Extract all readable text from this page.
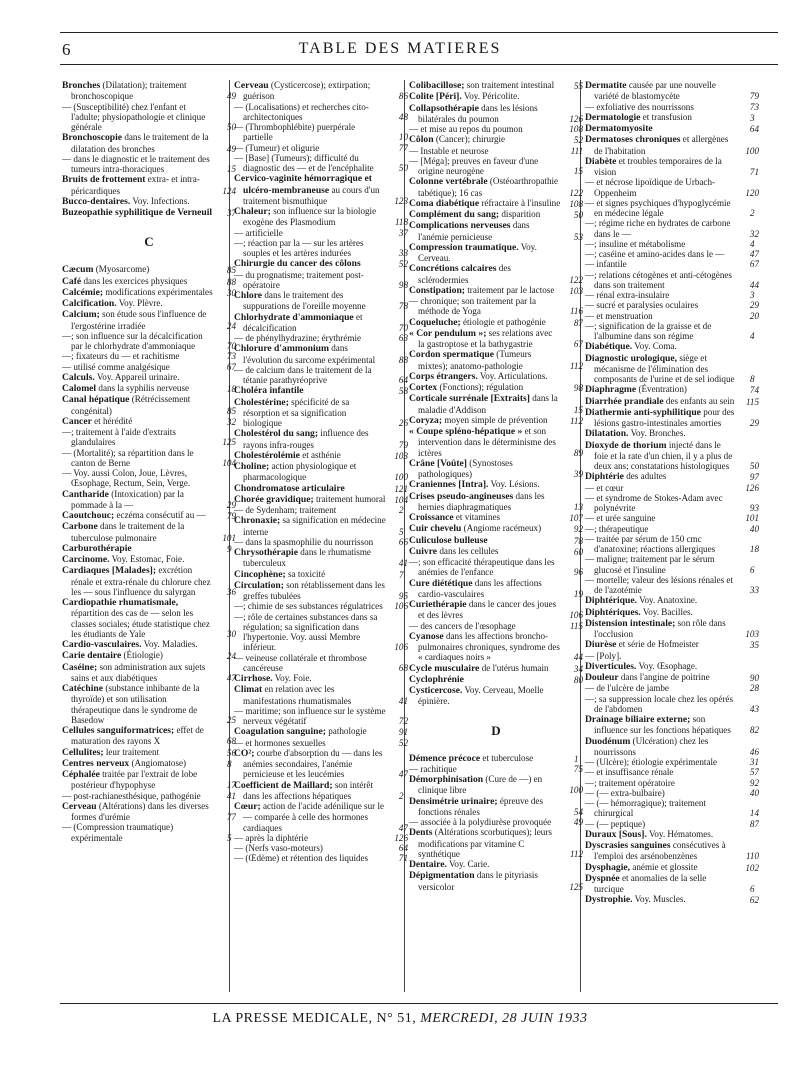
6	TABLE DES MATIERES
Bronches (Dilatation); traitement bronchoscopique	49
— (Susceptibilité) chez l'enfant et l'adulte; physiopathologie et clinique générale	50
Bronchoscopie dans le traitement de la dilatation des bronches	49
— dans le diagnostic et le traitement des tumeurs intra-thoraciques	15
Bruits de frottement extra- et intra-péricardiques	124
Bucco-dentaires. Voy. Infections.
Buzeopathie syphilitique de Verneuil 37
C
Cæcum (Myosarcome)	85
Café dans les exercices physiques	88
Calcémie; modifications expérimentales 30
Calcification. Voy. Plèvre.
Calcium; son étude sous l'influence de l'ergostérine irradiée	24
—; son influence sur la décalcification par le chlorhydrate d'ammoniaque	70
—; fixateurs du — et rachitisme	73
— utilisé comme analgésique	67
Calculs. Voy. Appareil urinaire.
Calomel dans la syphilis nerveuse	18
Canal hépatique (Rétrécissement congénital)	85
Cancer et hérédité	32
—; traitement à l'aide d'extraits glandulaires	125
— (Mortalité); sa répartition dans le canton de Berne	104
— Voy. aussi Colon, Joue, Lèvres, Œsophage, Rectum, Sein, Verge.
Cantharide (Intoxication) par la pommade à la —	29
Caoutchouc; eczéma consécutif au — 79
Carbone dans le traitement de la tuberculose pulmonaire	101
Carburothérapie	9
Carcinome. Voy. Estomac, Foie.
Cardiaques [Malades]; excrétion rénale et extra-rénale du chlorure chez les — sous l'influence du salyrgan	36
Cardiopathie rhumatismale, répartition des cas de — selon les classes sociales; étude statistique chez les étudiants de Yale	30
Cardio-vasculaires. Voy. Maladies.
Carie dentaire (Étiologie)	24
Caséine; son administration aux sujets sains et aux diabétiques	47
Catéchine (substance inhibante de la thyroïde) et son utilisation thérapeutique dans le syndrome de Basedow	25
Cellules sanguiformatrices; effet de maturation des rayons X	68
Cellulites; leur traitement	56
Centres nerveux (Angiomatose)	8
Céphalée traitée par l'extrait de lobe postérieur d'hypophyse	17
— post-rachianesthésique, pathogénie	41
Cerveau (Altérations) dans les diverses formes d'urémie	77
— (Compression traumatique) expérimentale	5
Cerveau (Cysticercose); extirpation; guérison	86
— (Localisations) et recherches cito-architectoniques	48
— (Thrombophlébite) puerpérale partielle	10
— (Tumeur) et oligurie	77
— [Base] (Tumeurs); difficulté du diagnostic des — et de l'encéphalite	50
Cervico-vaginite hémorragique et ulcéro-membraneuse au cours d'un traitement bismuthique	123
Chaleur; son influence sur la biologie exogène des Plasmodium	118
— artificielle	37
—; réaction par la — sur les artères souples et les artères indurées	33
Chirurgie du cancer des côlons	52
— du prognatisme; traitement post-opératoire	98
Chlore dans le traitement des suppurations de l'oreille moyenne	78
Chlorhydrate d'ammoniaque et décalcification	70
— de phénylhydrazine; érythrémie	63
Chlorure d'ammonium dans l'évolution du sarcome expérimental	88
— de calcium dans le traitement de la tétanie parathyréoprive	64
Choléra infantile	58
Cholestérine; spécificité de sa résorption et sa signification biologique	26
Cholestérol du sang; influence des rayons infra-rouges	79
Cholestérolémie et asthénie	103
Choline; action physiologique et pharmacologique	100
Chondromatose articulaire	121
Chorée gravidique; traitement humoral 104
— de Sydenham; traitement	2
Chronaxie; sa signification en médecine interne	5
— dans la spasmophilie du nourrisson	66
Chrysothérapie dans le rhumatisme tuberculeux	41
Cincophène; sa toxicité	7
Circulation; son rétablissement dans les greffes tubulées	95
—; chimie de ses substances régulatrices 106
—; rôle de certaines substances dans sa régulation; sa signification dans l'hypertonie. Voy. aussi Membre inférieur.	106
— veineuse collatérale et thrombose cancéreuse	68
Cirrhose. Voy. Foie.
Climat en relation avec les manifestations rhumatismales	41
— maritime; son influence sur le système nerveux végétatif	72
Coagulation sanguine; pathologie	91
— et hormones sexuelles	52
CO²; courbe d'absorption du — dans les anémies secondaires, l'anémie pernicieuse et les leucémies	47
Coefficient de Maillard; son intérêt dans les affections hépatiques	2
Cœur; action de l'acide adénilique sur le — comparée à celle des hormones cardiaques	47
— après la diphtérie	126
— (Nerfs vaso-moteurs)	64
— (Œdème) et rétention des liquides	71
Colibacillose; son traitement intestinal 55
Colite [Péri]. Voy. Péricolite.
Collapsothérapie dans les lésions bilatérales du poumon	126
— et mise au repos du poumon	108
Côlon (Cancer); chirurgie	52
— Instable et neurose	111
— [Méga]; preuves en faveur d'une origine neurogène	15
Colonne vertébrale (Ostéoarthropathie tabétique); 16 cas	122
Coma diabétique réfractaire à l'insuline 108
Complément du sang; disparition	50
Complications nerveuses dans l'anémie pernicieuse	53
Compression traumatique. Voy. Cerveau.
Concrétions calcaires des sclérodermies	122
Constipation; traitement par le lactose 103
— chronique; son traitement par la méthode de Yoga	116
Coqueluche; étiologie et pathogénie	87
« Cor pendulum »; ses relations avec la gastroptose et la bathygastrie	67
Cordon spermatique (Tumeurs mixtes); anatomo-pathologie	112
Corps étrangers. Voy. Articulations.
Cortex (Fonctions); régulation	98
Corticale surrénale [Extraits] dans la maladie d'Addison	15
Coryza; moyen simple de prévention 112
« Coupe spléno-hépatique » et son intervention dans le déterminisme des ictères	89
Crâne [Voûte] (Synostoses pathologiques)	39
Craniennes [Intra]. Voy. Lésions.
Crises pseudo-angineuses dans les hernies diaphragmatiques	13
Croissance et vitamines	107
Cuir chevelu (Angiome racémeux)	92
Culiculose bulleuse	78
Cuivre dans les cellules	60
—; son efficacité thérapeutique dans les anémies de l'enfance	96
Cure diététique dans les affections cardio-vasculaires	19
Curiethérapie dans le cancer des joues et des lèvres	106
— des cancers de l'œsophage	115
Cyanose dans les affections broncho-pulmonaires chroniques, syndrome des « cardiaques noirs »	44
Cycle musculaire de l'utérus humain	34
Cyclophrénie	80
Cysticercose. Voy. Cerveau, Moelle épinière.
D
Démence précoce et tuberculose	1
— rachitique	75
Démorphinisation (Cure de —) en clinique libre	100
Densimétrie urinaire; épreuve des fonctions rénales	54
— associée à la polydiurèse provoquée 49
Dents (Altérations scorbutiques); leurs modifications par vitamine C synthétique	112
Dentaire. Voy. Carie.
Dépigmentation dans le pityriasis versicolor	125
Dermatite causée par une nouvelle variété de blastomycète	79
— exfoliative des nourrissons	73
Dermatologie et transfusion	3
Dermatomyosite	64
Dermatoses chroniques et allergènes de l'habitation	100
Diabète et troubles temporaires de la vision	71
— et nécrose lipoïdique de Urbach-Oppenheim	120
— et signes psychiques d'hypoglycémie en médecine légale	2
—; régime riche en hydrates de carbone dans le —	32
—; insuline et métabolisme	4
—; caséine et amino-acides dans le —	47
— infantile	67
—; relations cétogènes et anti-cétogènes dans son traitement	44
— rénal extra-insulaire	3
— sucré et paralysies oculaires	29
— et menstruation	20
—; signification de la graisse et de l'albumine dans son régime	4
Diabétique. Voy. Coma.
Diagnostic urologique, siège et mécanisme de l'élimination des composants de l'urine et de sel iodique 8
Diaphragme (Éventration)	74
Diarrhée prandiale des enfants au sein 115
Diathermie anti-syphilitique pour des lésions gastro-intestinales amorties	29
Dilatation. Voy. Bronches.
Dioxyde de thorium injecté dans le foie et la rate d'un chien, il y a plus de deux ans; constatations histologiques 50
Diphtérie des adultes	97
— et cœur	126
— et syndrome de Stokes-Adam avec polynévrite	93
— et urée sanguine	101
—; thérapeutique	40
— traitée par sérum de 150 cmc d'anatoxine; réactions allergiques	18
— maligne; traitement par le sérum glucosé et l'insuline	6
— mortelle; valeur des lésions rénales et de l'azotémie	33
Diphtérique. Voy. Anatoxine.
Diphtériques. Voy. Bacilles.
Distension intestinale; son rôle dans l'occlusion	103
Diurèse et série de Hofmeister	35
— [Poly].
Diverticules. Voy. Œsophage.
Douleur dans l'angine de poitrine	90
— de l'ulcère de jambe	28
—; sa suppression locale chez les opérés de l'abdomen	43
Drainage biliaire externe; son influence sur les fonctions hépatiques 82
Duodénum (Ulcération) chez les nourrissons	46
— (Ulcère); étiologie expérimentale	31
— et insuffisance rénale	57
—; traitement opératoire	92
— (— extra-bulbaire)	40
— (— hémorragique); traitement chirurgical	14
— (— peptique)	87
Duraux [Sous]. Voy. Hématomes.
Dyscrasies sanguines consécutives à l'emploi des arsénobenzènes	110
Dysphagie, anémie et glossite	102
Dyspnée et anomalies de la selle turcique	6
Dystrophie. Voy. Muscles.	62
LA PRESSE MEDICALE, N° 51, MERCREDI, 28 JUIN 1933
